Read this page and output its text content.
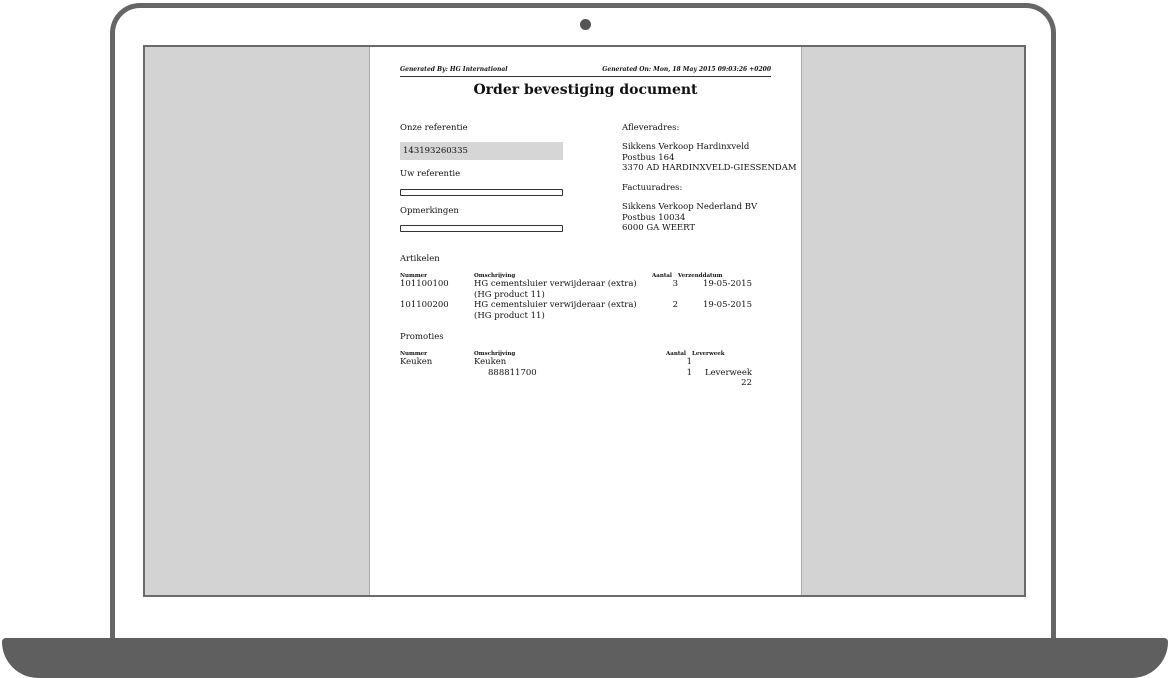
Generated By: HG International	Generated On: Mon, 18 May 2015 09:03:26 +0200
Order bevestiging document
Onze referentie
143193260335
Uw referentie
Opmerkingen
Afleveradres:
Sikkens Verkoop Hardinxveld
Postbus 164
3370 AD HARDINXVELD-GIESSENDAM
Factuuradres:
Sikkens Verkoop Nederland BV
Postbus 10034
6000 GA WEERT
Artikelen
Nummer	Omschrijving	Aantal	Verzenddatum
101100100	HG cementsluier verwijderaar (extra) (HG product 11)	3	19-05-2015
101100200	HG cementsluier verwijderaar (extra) (HG product 11)	2	19-05-2015
Promoties
Nummer	Omschrijving	Aantal	Leverweek
Keuken	Keuken	1	
	888811700	1	Leverweek 22
